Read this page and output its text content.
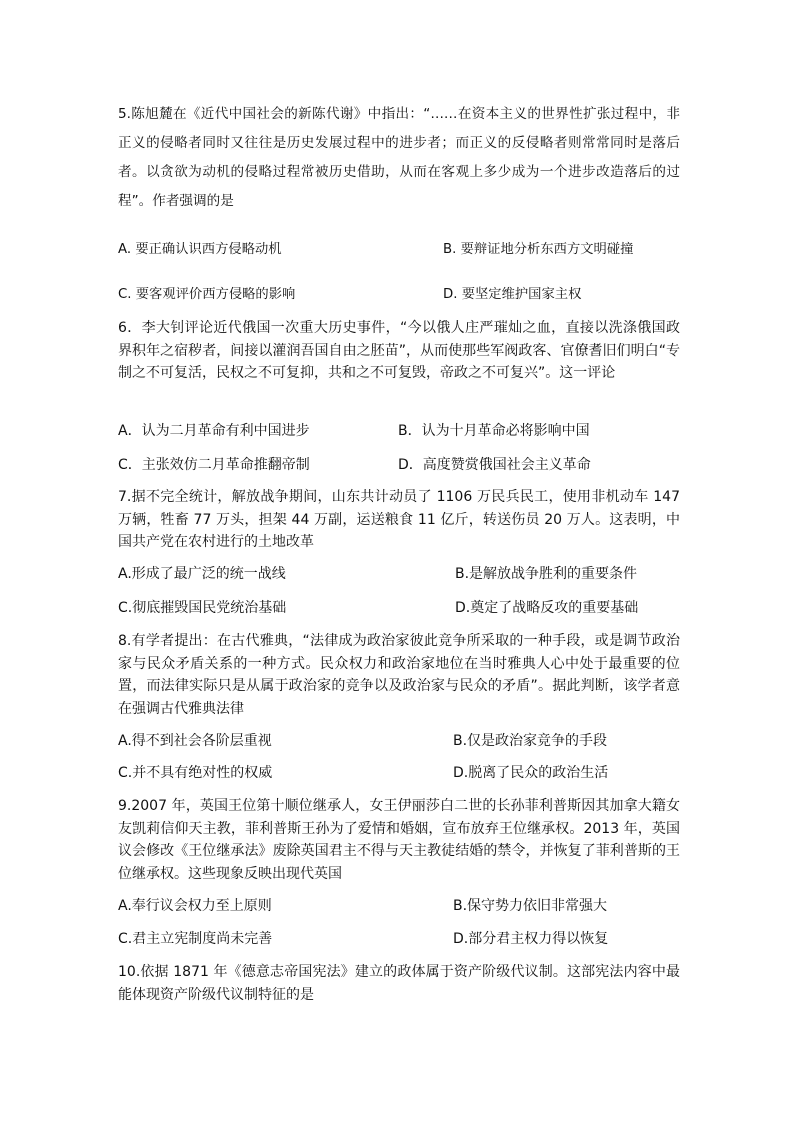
5.陈旭麓在《近代中国社会的新陈代谢》中指出：“……在资本主义的世界性扩张过程中，非正义的侵略者同时又往往是历史发展过程中的进步者；而正义的反侵略者则常常同时是落后者。以贪欲为动机的侵略过程常被历史借助，从而在客观上多少成为一个进步改造落后的过程”。作者强调的是

A. 要正确认识西方侵略动机	B. 要辩证地分析东西方文明碰撞

C. 要客观评价西方侵略的影响	D. 要坚定维护国家主权

6．李大钊评论近代俄国一次重大历史事件，“今以俄人庄严璀灿之血，直接以洗涤俄国政界积年之宿秽者，间接以灌润吾国自由之胚苗”，从而使那些军阀政客、官僚耆旧们明白“专制之不可复活，民权之不可复抑，共和之不可复毁，帝政之不可复兴”。这一评论

A．认为二月革命有利中国进步	B．认为十月革命必将影响中国

C．主张效仿二月革命推翻帝制	D．高度赞赏俄国社会主义革命

7.据不完全统计，解放战争期间，山东共计动员了 1106 万民兵民工，使用非机动车 147 万辆，牲畜 77 万头，担架 44 万副，运送粮食 11 亿斤，转送伤员 20 万人。这表明，中国共产党在农村进行的土地改革

A.形成了最广泛的统一战线	B.是解放战争胜利的重要条件

C.彻底摧毁国民党统治基础	D.奠定了战略反攻的重要基础

8.有学者提出：在古代雅典，“法律成为政治家彼此竞争所采取的一种手段，或是调节政治家与民众矛盾关系的一种方式。民众权力和政治家地位在当时雅典人心中处于最重要的位置，而法律实际只是从属于政治家的竞争以及政治家与民众的矛盾”。据此判断，该学者意在强调古代雅典法律

A.得不到社会各阶层重视	B.仅是政治家竞争的手段

C.并不具有绝对性的权威	D.脱离了民众的政治生活

9.2007 年，英国王位第十顺位继承人，女王伊丽莎白二世的长孙菲利普斯因其加拿大籍女友凯莉信仰天主教，菲利普斯王孙为了爱情和婚姻，宣布放弃王位继承权。2013 年，英国议会修改《王位继承法》废除英国君主不得与天主教徒结婚的禁令，并恢复了菲利普斯的王位继承权。这些现象反映出现代英国

A.奉行议会权力至上原则	B.保守势力依旧非常强大

C.君主立宪制度尚未完善	D.部分君主权力得以恢复

10.依据 1871 年《德意志帝国宪法》建立的政体属于资产阶级代议制。这部宪法内容中最能体现资产阶级代议制特征的是
